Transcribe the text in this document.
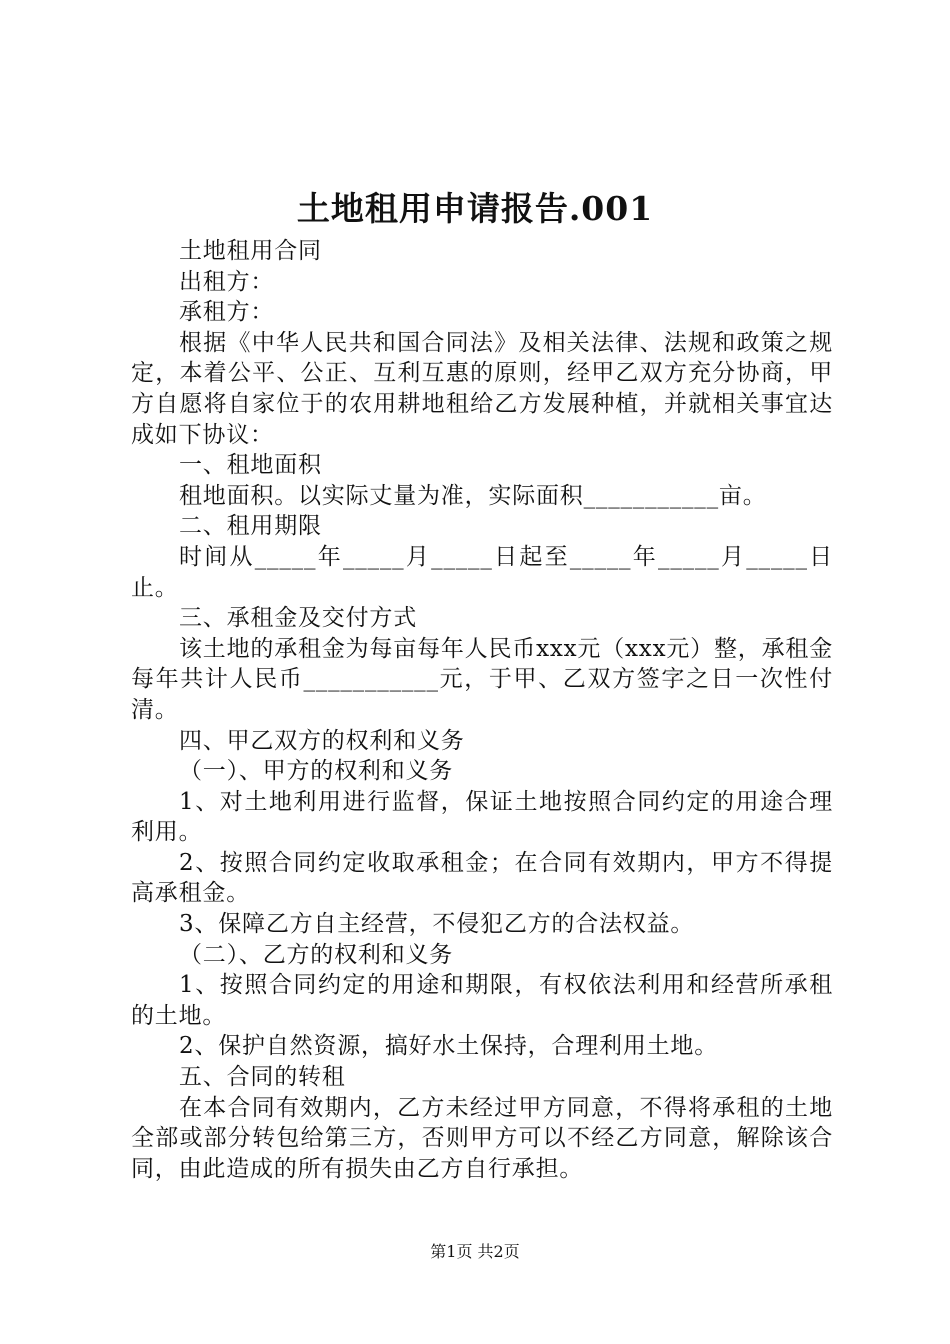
土地租用申请报告.001

土地租用合同

出租方：

承租方：

根据《中华人民共和国合同法》及相关法律、法规和政策之规定，本着公平、公正、互利互惠的原则，经甲乙双方充分协商，甲方自愿将自家位于的农用耕地租给乙方发展种植，并就相关事宜达成如下协议：

一、租地面积

租地面积。以实际丈量为准，实际面积___________亩。

二、租用期限

时间从_____年_____月_____日起至_____年_____月_____日止。

三、承租金及交付方式

该土地的承租金为每亩每年人民币xxx元（xxx元）整，承租金每年共计人民币___________元，于甲、乙双方签字之日一次性付清。

四、甲乙双方的权利和义务

（一）、甲方的权利和义务

1、对土地利用进行监督，保证土地按照合同约定的用途合理利用。

2、按照合同约定收取承租金；在合同有效期内，甲方不得提高承租金。

3、保障乙方自主经营，不侵犯乙方的合法权益。

（二）、乙方的权利和义务

1、按照合同约定的用途和期限，有权依法利用和经营所承租的土地。

2、保护自然资源，搞好水土保持，合理利用土地。

五、合同的转租

在本合同有效期内，乙方未经过甲方同意，不得将承租的土地全部或部分转包给第三方，否则甲方可以不经乙方同意，解除该合同，由此造成的所有损失由乙方自行承担。

第1页 共2页
